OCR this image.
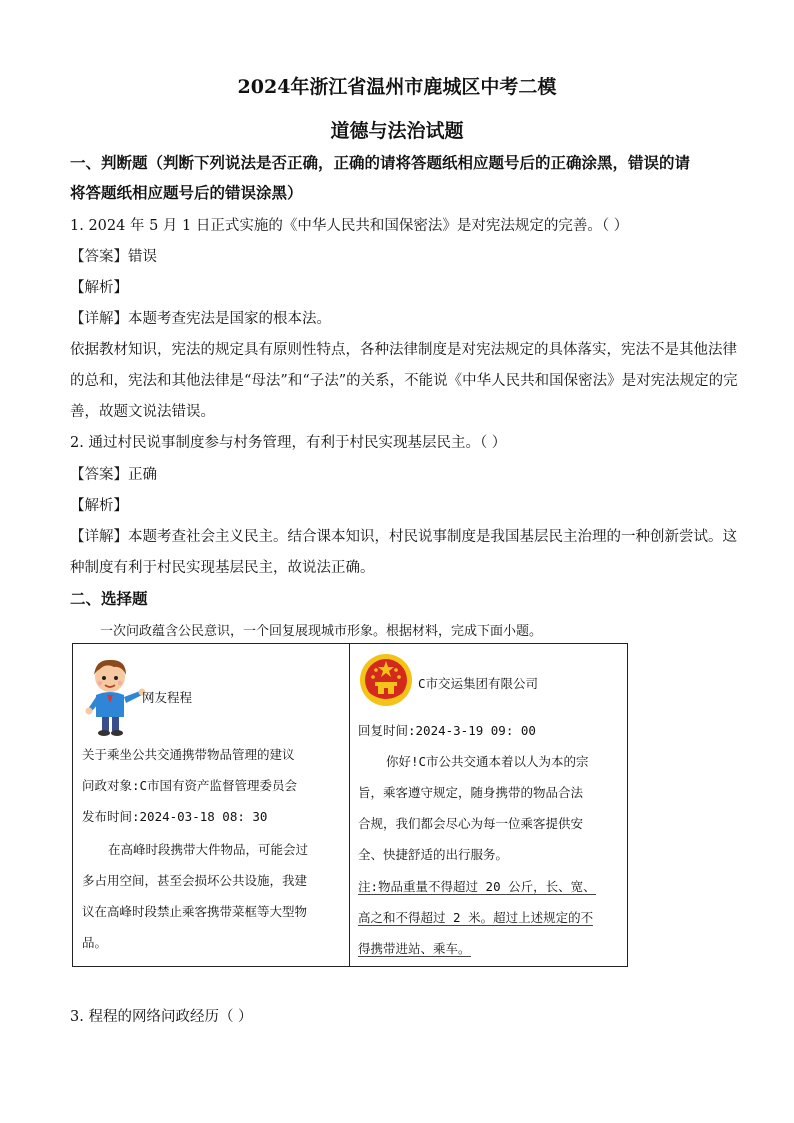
2024年浙江省温州市鹿城区中考二模
道德与法治试题
一、判断题（判断下列说法是否正确，正确的请将答题纸相应题号后的正确涂黑，错误的请
将答题纸相应题号后的错误涂黑）
1. 2024 年 5 月 1 日正式实施的《中华人民共和国保密法》是对宪法规定的完善。（ ）
【答案】错误
【解析】
【详解】本题考查宪法是国家的根本法。
依据教材知识，宪法的规定具有原则性特点，各种法律制度是对宪法规定的具体落实，宪法不是其他法律
的总和，宪法和其他法律是“母法”和“子法”的关系，不能说《中华人民共和国保密法》是对宪法规定的完
善，故题文说法错误。
2. 通过村民说事制度参与村务管理，有利于村民实现基层民主。（ ）
【答案】正确
【解析】
【详解】本题考查社会主义民主。结合课本知识，村民说事制度是我国基层民主治理的一种创新尝试。这
种制度有利于村民实现基层民主，故说法正确。
二、选择题
一次问政蕴含公民意识，一个回复展现城市形象。根据材料，完成下面小题。
网友程程
关于乘坐公共交通携带物品管理的建议
问政对象:C市国有资产监督管理委员会
发布时间:2024-03-18 08: 30
在高峰时段携带大件物品，可能会过
多占用空间，甚至会损坏公共设施，我建
议在高峰时段禁止乘客携带菜框等大型物
品。
C市交运集团有限公司
回复时间:2024-3-19 09: 00
你好!C市公共交通本着以人为本的宗
旨，乘客遵守规定，随身携带的物品合法
合规，我们都会尽心为每一位乘客提供安
全、快捷舒适的出行服务。
注:物品重量不得超过 20 公斤，长、宽、
高之和不得超过 2 米。超过上述规定的不
得携带进站、乘车。
3. 程程的网络问政经历（ ）
